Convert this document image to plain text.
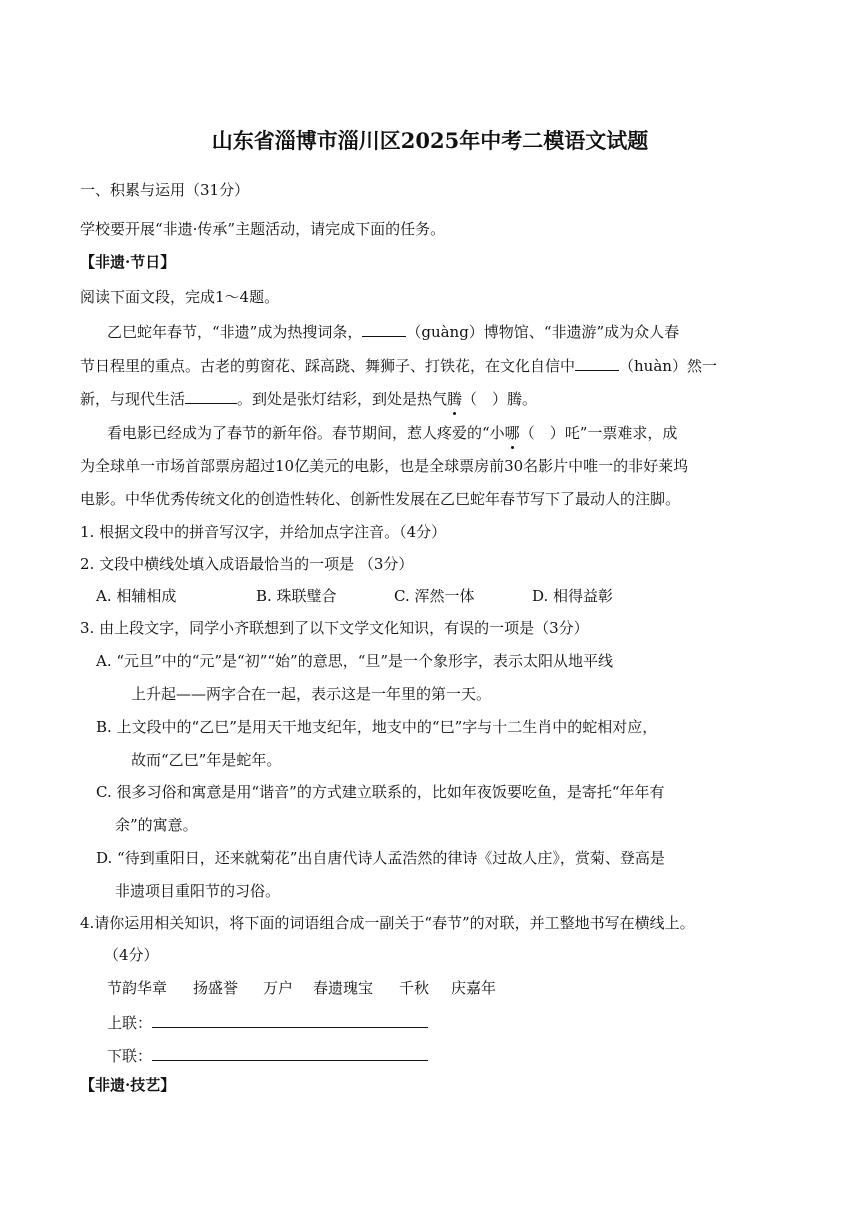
山东省淄博市淄川区2025年中考二模语文试题
一、积累与运用（31分）
学校要开展“非遗·传承”主题活动，请完成下面的任务。
【非遗·节日】
阅读下面文段，完成1～4题。
乙巳蛇年春节，“非遗”成为热搜词条，	（guàng）博物馆、“非遗游”成为众人春
节日程里的重点。古老的剪窗花、踩高跷、舞狮子、打铁花，在文化自信中	（huàn）然一
新，与现代生活	。到处是张灯结彩，到处是热气腾（　）腾。
看电影已经成为了春节的新年俗。春节期间，惹人疼爱的“小哪（　）吒”一票难求，成
为全球单一市场首部票房超过10亿美元的电影，也是全球票房前30名影片中唯一的非好莱坞
电影。中华优秀传统文化的创造性转化、创新性发展在乙巳蛇年春节写下了最动人的注脚。
1. 根据文段中的拼音写汉字，并给加点字注音。（4分）
2. 文段中横线处填入成语最恰当的一项是 （3分）
A. 相辅相成	B. 珠联璧合	C. 浑然一体	D. 相得益彰
3. 由上段文字，同学小齐联想到了以下文学文化知识，有误的一项是（3分）
A. “元旦”中的“元”是“初”“始”的意思，“旦”是一个象形字，表示太阳从地平线
上升起——两字合在一起，表示这是一年里的第一天。
B. 上文段中的“乙巳”是用天干地支纪年，地支中的“巳”字与十二生肖中的蛇相对应，
故而“乙巳”年是蛇年。
C. 很多习俗和寓意是用“谐音”的方式建立联系的，比如年夜饭要吃鱼，是寄托“年年有
余”的寓意。
D. “待到重阳日，还来就菊花”出自唐代诗人孟浩然的律诗《过故人庄》，赏菊、登高是
非遗项目重阳节的习俗。
4.请你运用相关知识，将下面的词语组合成一副关于“春节”的对联，并工整地书写在横线上。
（4分）
节韵华章 扬盛誉 万户 春遗瑰宝 千秋 庆嘉年
上联：
下联：
【非遗·技艺】
